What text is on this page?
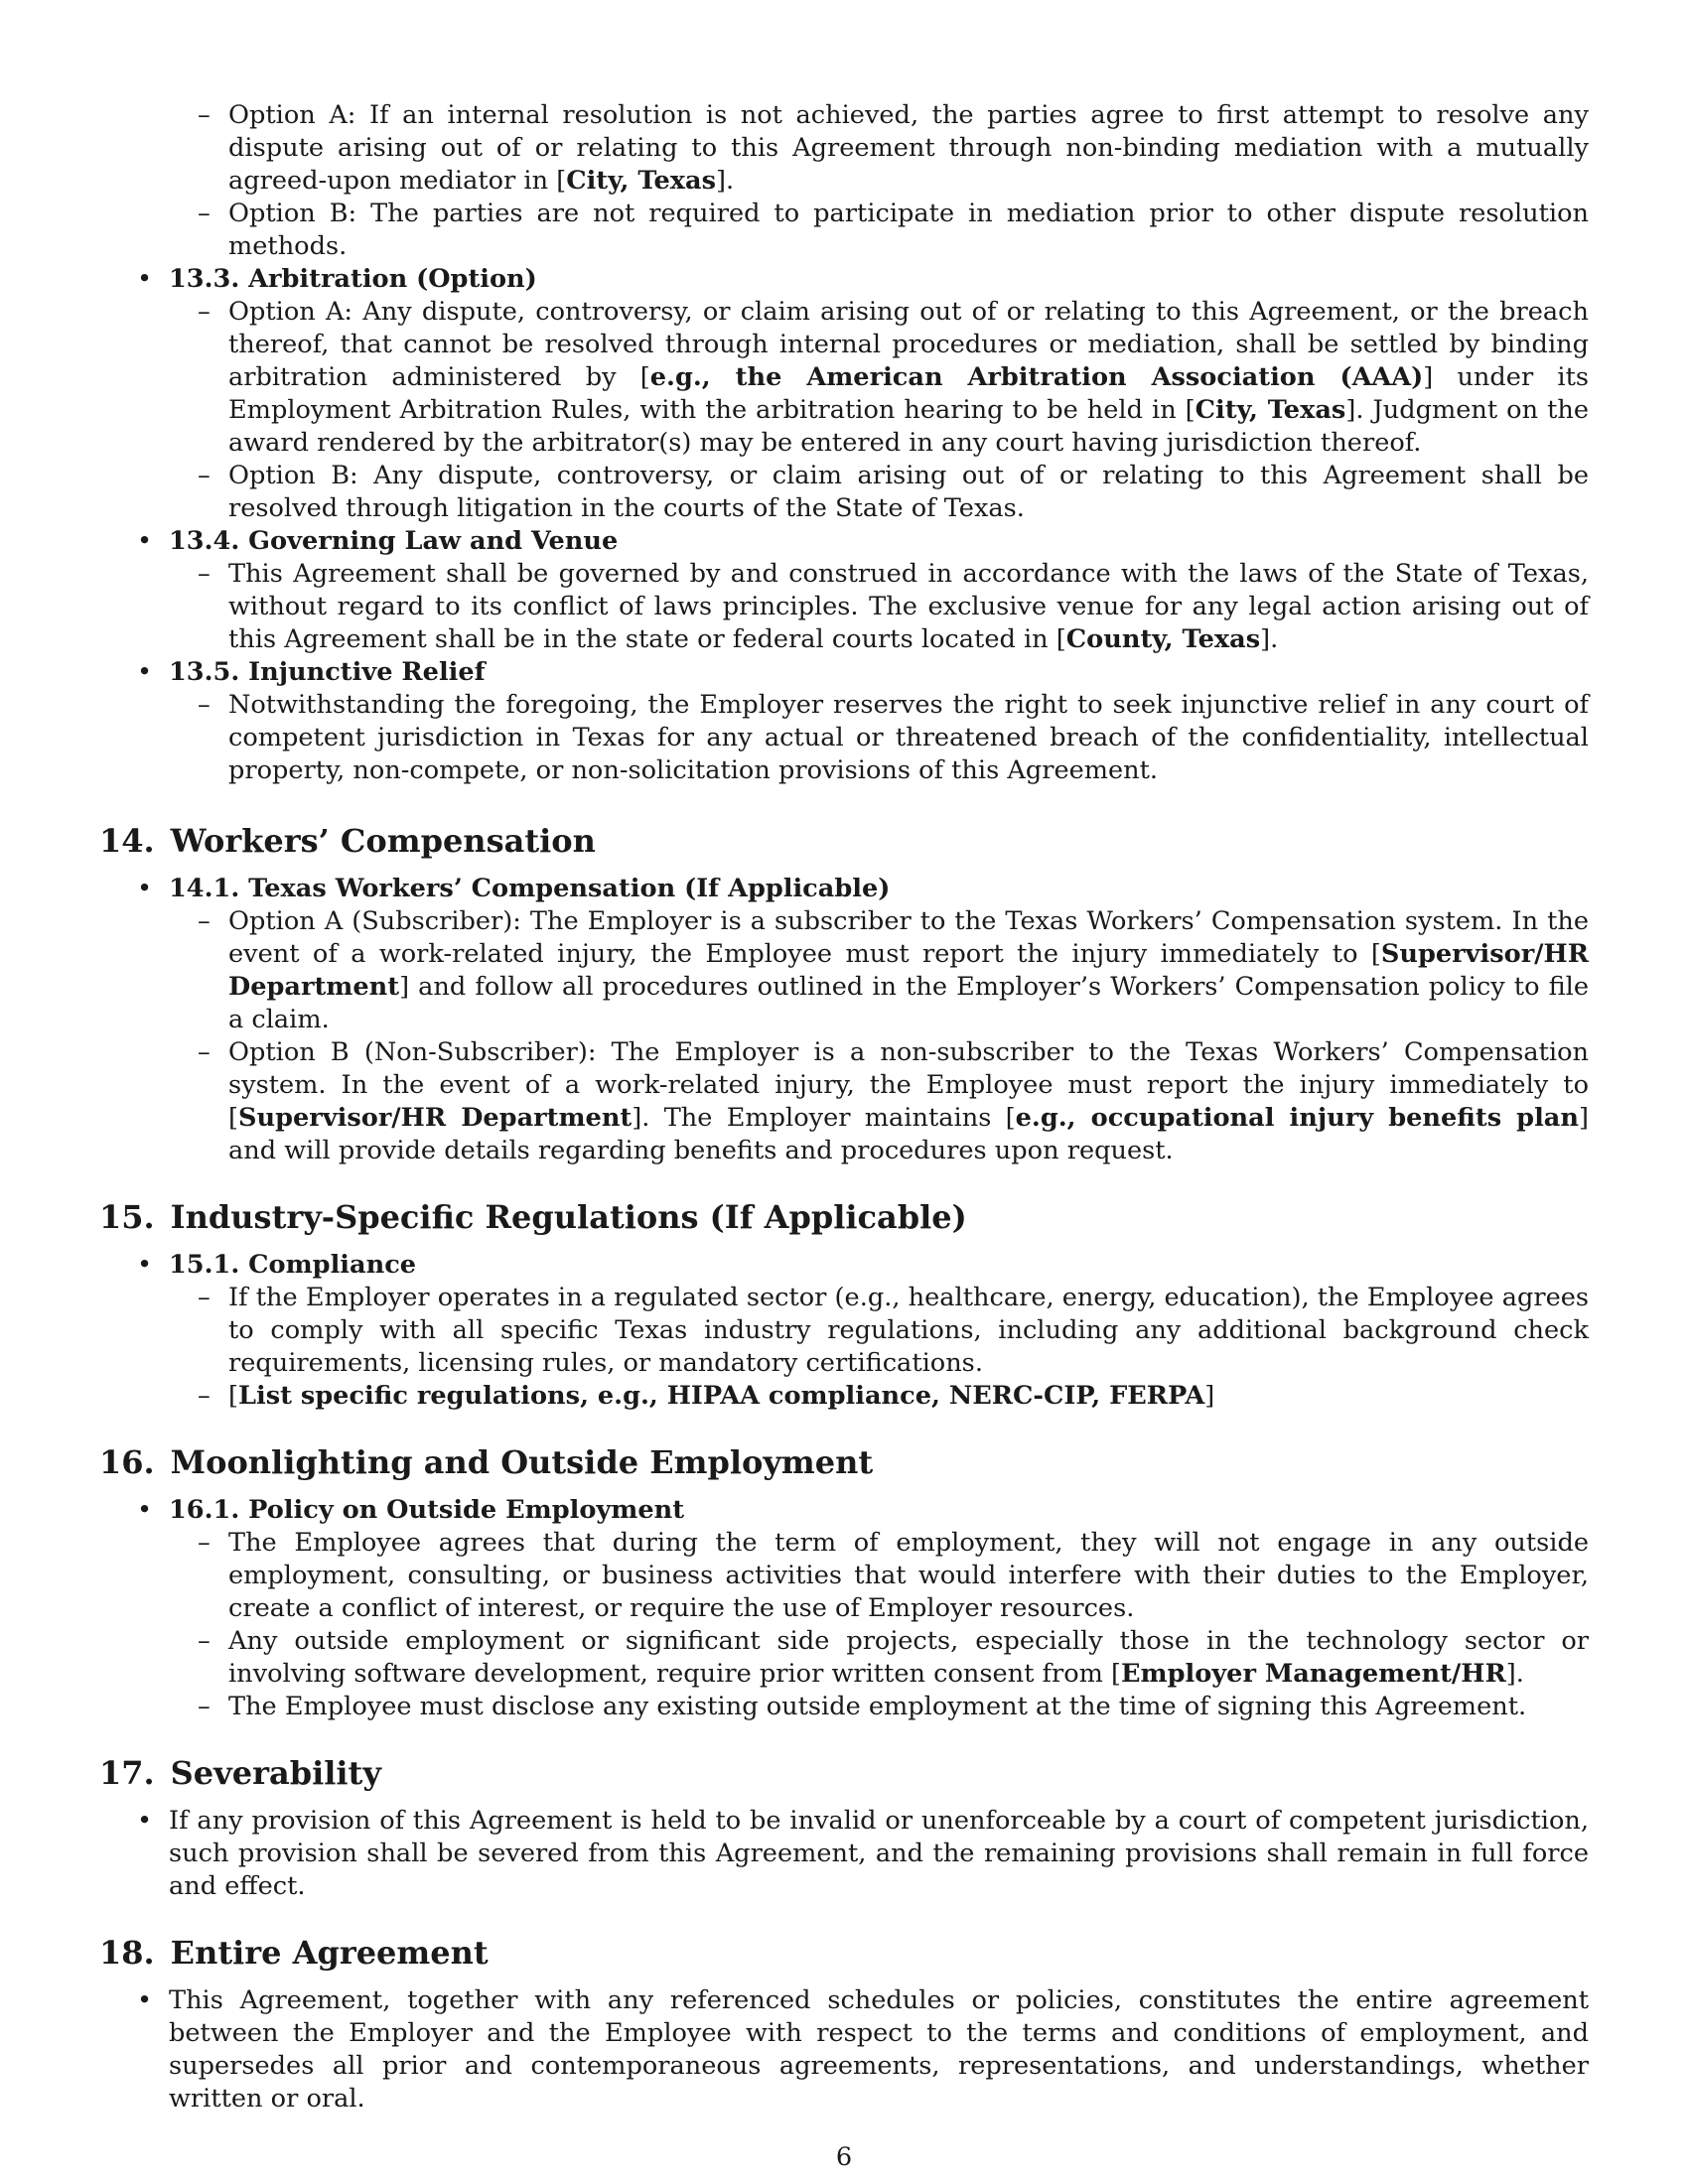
– Option A: If an internal resolution is not achieved, the parties agree to first attempt to resolve any dispute arising out of or relating to this Agreement through non-binding mediation with a mutually agreed-upon mediator in [City, Texas].
– Option B: The parties are not required to participate in mediation prior to other dispute resolution methods.
• 13.3. Arbitration (Option)
– Option A: Any dispute, controversy, or claim arising out of or relating to this Agreement, or the breach thereof, that cannot be resolved through internal procedures or mediation, shall be settled by binding arbitration administered by [e.g., the American Arbitration Association (AAA)] under its Employment Arbitration Rules, with the arbitration hearing to be held in [City, Texas]. Judgment on the award rendered by the arbitrator(s) may be entered in any court having jurisdiction thereof.
– Option B: Any dispute, controversy, or claim arising out of or relating to this Agreement shall be resolved through litigation in the courts of the State of Texas.
• 13.4. Governing Law and Venue
– This Agreement shall be governed by and construed in accordance with the laws of the State of Texas, without regard to its conflict of laws principles. The exclusive venue for any legal action arising out of this Agreement shall be in the state or federal courts located in [County, Texas].
• 13.5. Injunctive Relief
– Notwithstanding the foregoing, the Employer reserves the right to seek injunctive relief in any court of competent jurisdiction in Texas for any actual or threatened breach of the confidentiality, intellectual property, non-compete, or non-solicitation provisions of this Agreement.
14. Workers’ Compensation
• 14.1. Texas Workers’ Compensation (If Applicable)
– Option A (Subscriber): The Employer is a subscriber to the Texas Workers’ Compensation system. In the event of a work-related injury, the Employee must report the injury immediately to [Supervisor/HR Department] and follow all procedures outlined in the Employer’s Workers’ Compensation policy to file a claim.
– Option B (Non-Subscriber): The Employer is a non-subscriber to the Texas Workers’ Compensation system. In the event of a work-related injury, the Employee must report the injury immediately to [Supervisor/HR Department]. The Employer maintains [e.g., occupational injury benefits plan] and will provide details regarding benefits and procedures upon request.
15. Industry-Specific Regulations (If Applicable)
• 15.1. Compliance
– If the Employer operates in a regulated sector (e.g., healthcare, energy, education), the Employee agrees to comply with all specific Texas industry regulations, including any additional background check requirements, licensing rules, or mandatory certifications.
– [List specific regulations, e.g., HIPAA compliance, NERC-CIP, FERPA]
16. Moonlighting and Outside Employment
• 16.1. Policy on Outside Employment
– The Employee agrees that during the term of employment, they will not engage in any outside employment, consulting, or business activities that would interfere with their duties to the Employer, create a conflict of interest, or require the use of Employer resources.
– Any outside employment or significant side projects, especially those in the technology sector or involving software development, require prior written consent from [Employer Management/HR].
– The Employee must disclose any existing outside employment at the time of signing this Agreement.
17. Severability
• If any provision of this Agreement is held to be invalid or unenforceable by a court of competent jurisdiction, such provision shall be severed from this Agreement, and the remaining provisions shall remain in full force and effect.
18. Entire Agreement
• This Agreement, together with any referenced schedules or policies, constitutes the entire agreement between the Employer and the Employee with respect to the terms and conditions of employment, and supersedes all prior and contemporaneous agreements, representations, and understandings, whether written or oral.
6
